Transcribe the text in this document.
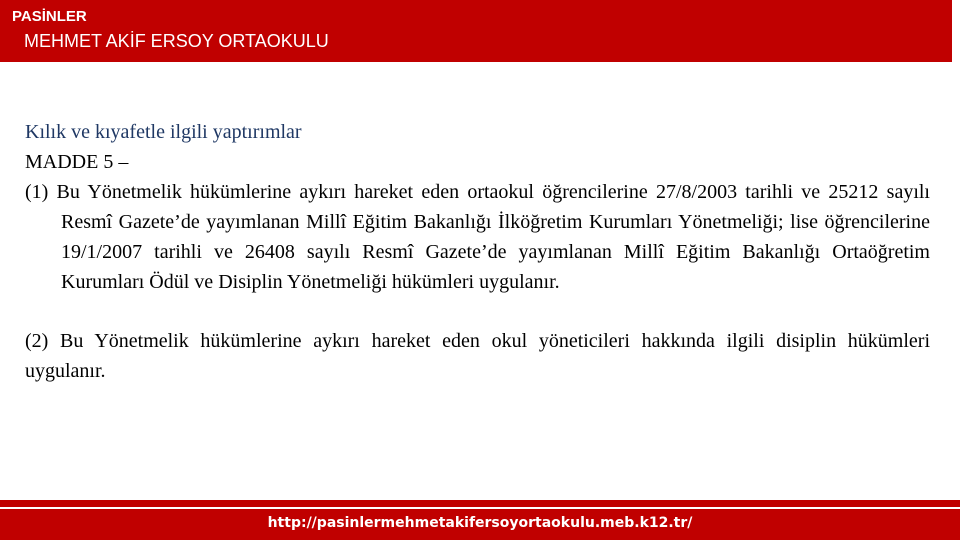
PASİNLER
MEHMET AKİF ERSOY ORTAOKULU
Kılık ve kıyafetle ilgili yaptırımlar
MADDE 5 –
(1) Bu Yönetmelik hükümlerine aykırı hareket eden ortaokul öğrencilerine 27/8/2003 tarihli ve 25212 sayılı Resmî Gazete’de yayımlanan Millî Eğitim Bakanlığı İlköğretim Kurumları Yönetmeliği; lise öğrencilerine 19/1/2007 tarihli ve 26408 sayılı Resmî Gazete’de yayımlanan Millî Eğitim Bakanlığı Ortaöğretim Kurumları Ödül ve Disiplin Yönetmeliği hükümleri uygulanır.
(2) Bu Yönetmelik hükümlerine aykırı hareket eden okul yöneticileri hakkında ilgili disiplin hükümleri uygulanır.
http://pasinlermehmetakifersoyortaokulu.meb.k12.tr/
